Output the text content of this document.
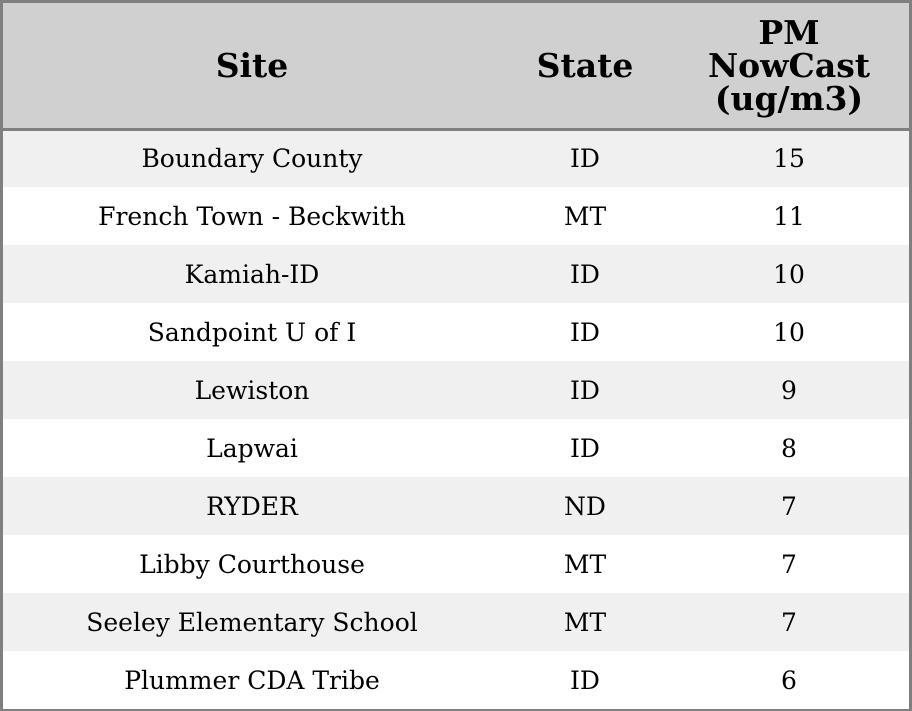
Site	State	PM
NowCast
(ug/m3)

Boundary County	ID	15
French Town - Beckwith	MT	11
Kamiah-ID	ID	10
Sandpoint U of I	ID	10
Lewiston	ID	9
Lapwai	ID	8
RYDER	ND	7
Libby Courthouse	MT	7
Seeley Elementary School	MT	7
Plummer CDA Tribe	ID	6
